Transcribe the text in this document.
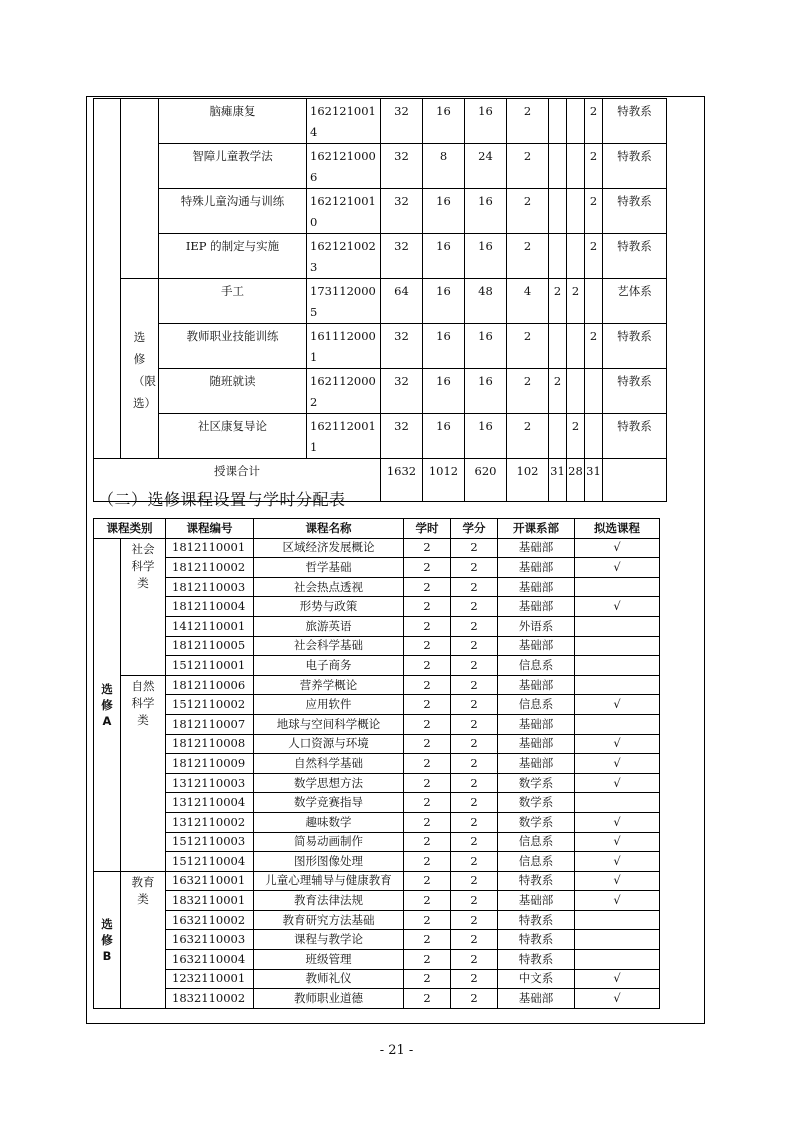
		脑瘫康复	1621210014	32	16	16	2			2	特教系
		智障儿童教学法	1621210006	32	8	24	2			2	特教系
		特殊儿童沟通与训练	1621210010	32	16	16	2			2	特教系
		IEP 的制定与实施	1621210023	32	16	16	2			2	特教系

	选修（限选）	手工	1731120005	64	16	48	4	2	2		艺体系
		教师职业技能训练	1611120001	32	16	16	2			2	特教系
		随班就读	1621120002	32	16	16	2	2			特教系
		社区康复导论	1621120011	32	16	16	2		2		特教系
授课合计				1632	1012	620	102	31	28	31	
（二）选修课程设置与学时分配表
课程类别		课程编号	课程名称	学时	学分	开课系部	拟选课程
选修A	社会科学类	1812110001	区域经济发展概论	2	2	基础部	√
		1812110002	哲学基础	2	2	基础部	√
		1812110003	社会热点透视	2	2	基础部	
		1812110004	形势与政策	2	2	基础部	√
		1412110001	旅游英语	2	2	外语系	
		1812110005	社会科学基础	2	2	基础部	
		1512110001	电子商务	2	2	信息系	
	自然科学类	1812110006	营养学概论	2	2	基础部	
		1512110002	应用软件	2	2	信息系	√
		1812110007	地球与空间科学概论	2	2	基础部	
		1812110008	人口资源与环境	2	2	基础部	√
		1812110009	自然科学基础	2	2	基础部	√
		1312110003	数学思想方法	2	2	数学系	√
		1312110004	数学竞赛指导	2	2	数学系	
		1312110002	趣味数学	2	2	数学系	√
		1512110003	简易动画制作	2	2	信息系	√
		1512110004	图形图像处理	2	2	信息系	√
选修B	教育类	1632110001	儿童心理辅导与健康教育	2	2	特教系	√
		1832110001	教育法律法规	2	2	基础部	√
		1632110002	教育研究方法基础	2	2	特教系	
		1632110003	课程与教学论	2	2	特教系	
		1632110004	班级管理	2	2	特教系	
		1232110001	教师礼仪	2	2	中文系	√
		1832110002	教师职业道德	2	2	基础部	√
- 21 -
